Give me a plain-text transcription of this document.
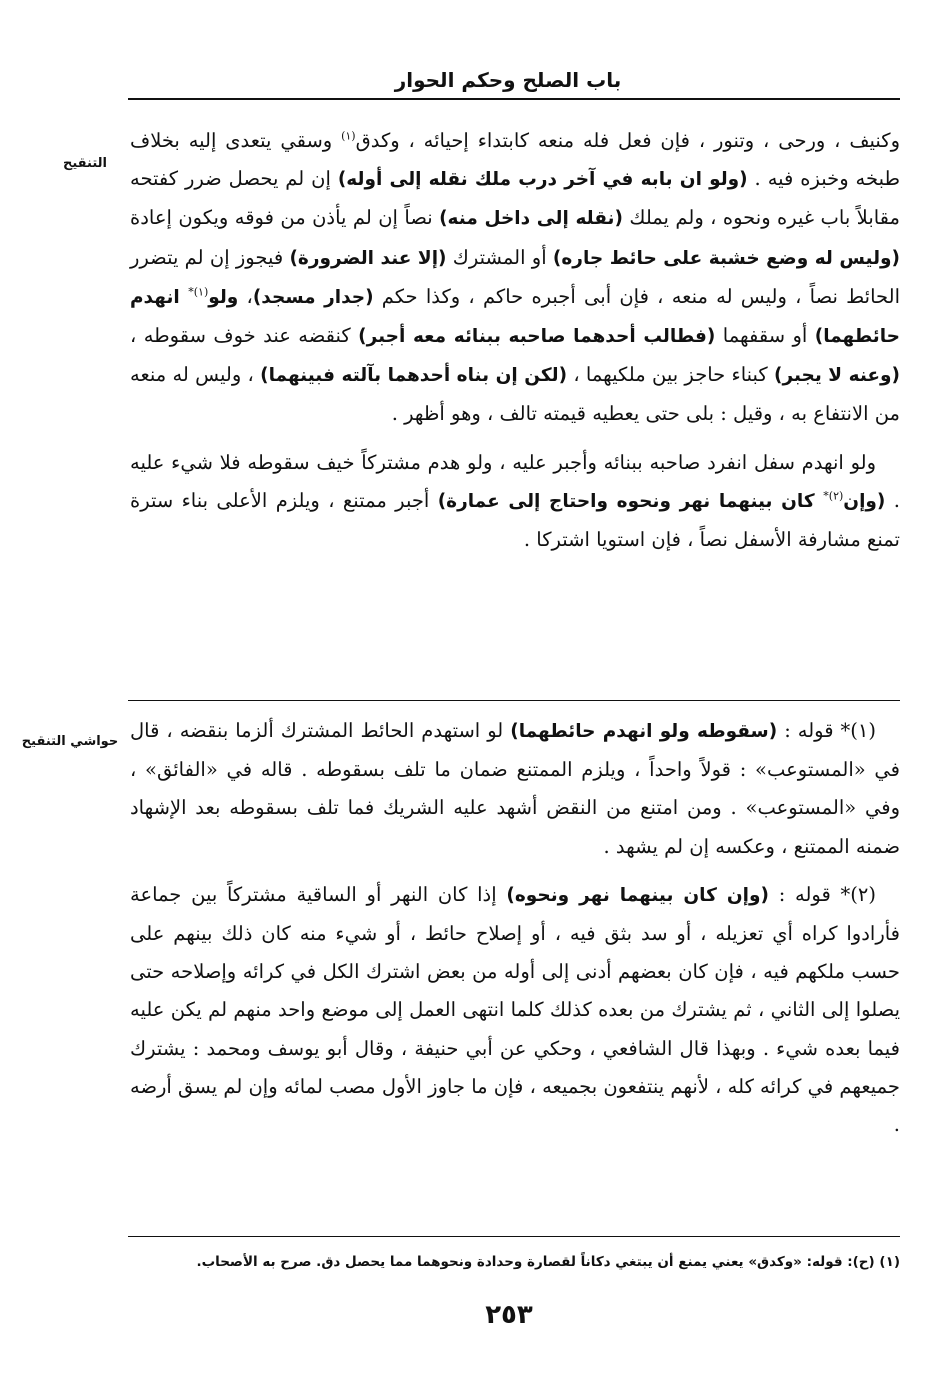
باب الصلح وحكم الحوار
التنقيح

وكنيف ، ورحى ، وتنور ، فإن فعل فله منعه كابتداء إحيائه ، وكدق$^{(١)}$ وسقي يتعدى إليه بخلاف طبخه وخبزه فيه . (ولو ان بابه في آخر درب ملك نقله إلى أوله) إن لم يحصل ضرر كفتحه مقابلاً باب غيره ونحوه ، ولم يملك (نقله إلى داخل منه) نصاً إن لم يأذن من فوقه ويكون إعادة (وليس له وضع خشبة على حائط جاره) أو المشترك (إلا عند الضرورة) فيجوز إن لم يتضرر الحائط نصاً ، وليس له منعه ، فإن أبى أجبره حاكم ، وكذا حكم (جدار مسجد)، ولو$^{(١)*}$ انهدم حائطهما) أو سقفهما (فطالب أحدهما صاحبه ببنائه معه أجبر) كنقضه عند خوف سقوطه ، (وعنه لا يجبر) كبناء حاجز بين ملكيهما ، (لكن إن بناه أحدهما بآلته فبينهما) ، وليس له منعه من الانتفاع به ، وقيل : بلى حتى يعطيه قيمته تالف ، وهو أظهر .

ولو انهدم سفل انفرد صاحبه ببنائه وأجبر عليه ، ولو هدم مشتركاً خيف سقوطه فلا شيء عليه . (وإن$^{(٢)*}$ كان بينهما نهر ونحوه واحتاج إلى عمارة) أجبر ممتنع ، ويلزم الأعلى بناء سترة تمنع مشارفة الأسفل نصاً ، فإن استويا اشتركا .

حواشي التنقيح	(١)* قوله : (سقوطه ولو انهدم حائطهما) لو استهدم الحائط المشترك ألزما بنقضه ، قال في «المستوعب» : قولاً واحداً ، ويلزم الممتنع ضمان ما تلف بسقوطه . قاله في «الفائق» ، وفي «المستوعب» . ومن امتنع من النقض أشهد عليه الشريك فما تلف بسقوطه بعد الإشهاد ضمنه الممتنع ، وعكسه إن لم يشهد .

(٢)* قوله : (وإن كان بينهما نهر ونحوه) إذا كان النهر أو الساقية مشتركاً بين جماعة فأرادوا كراه أي تعزيله ، أو سد بثق فيه ، أو إصلاح حائط ، أو شيء منه كان ذلك بينهم على حسب ملكهم فيه ، فإن كان بعضهم أدنى إلى أوله من بعض اشترك الكل في كرائه وإصلاحه حتى يصلوا إلى الثاني ، ثم يشترك من بعده كذلك كلما انتهى العمل إلى موضع واحد منهم لم يكن عليه فيما بعده شيء . وبهذا قال الشافعي ، وحكي عن أبي حنيفة ، وقال أبو يوسف ومحمد : يشترك جميعهم في كرائه كله ، لأنهم ينتفعون بجميعه ، فإن ما جاوز الأول مصب لمائه وإن لم يسق أرضه .

(١) (ح): قوله: «وكدق» يعني يمنع أن يبتغي دكاناً لقصارة وحدادة ونحوهما مما يحصل دق. صرح به الأصحاب.
٢٥٣
